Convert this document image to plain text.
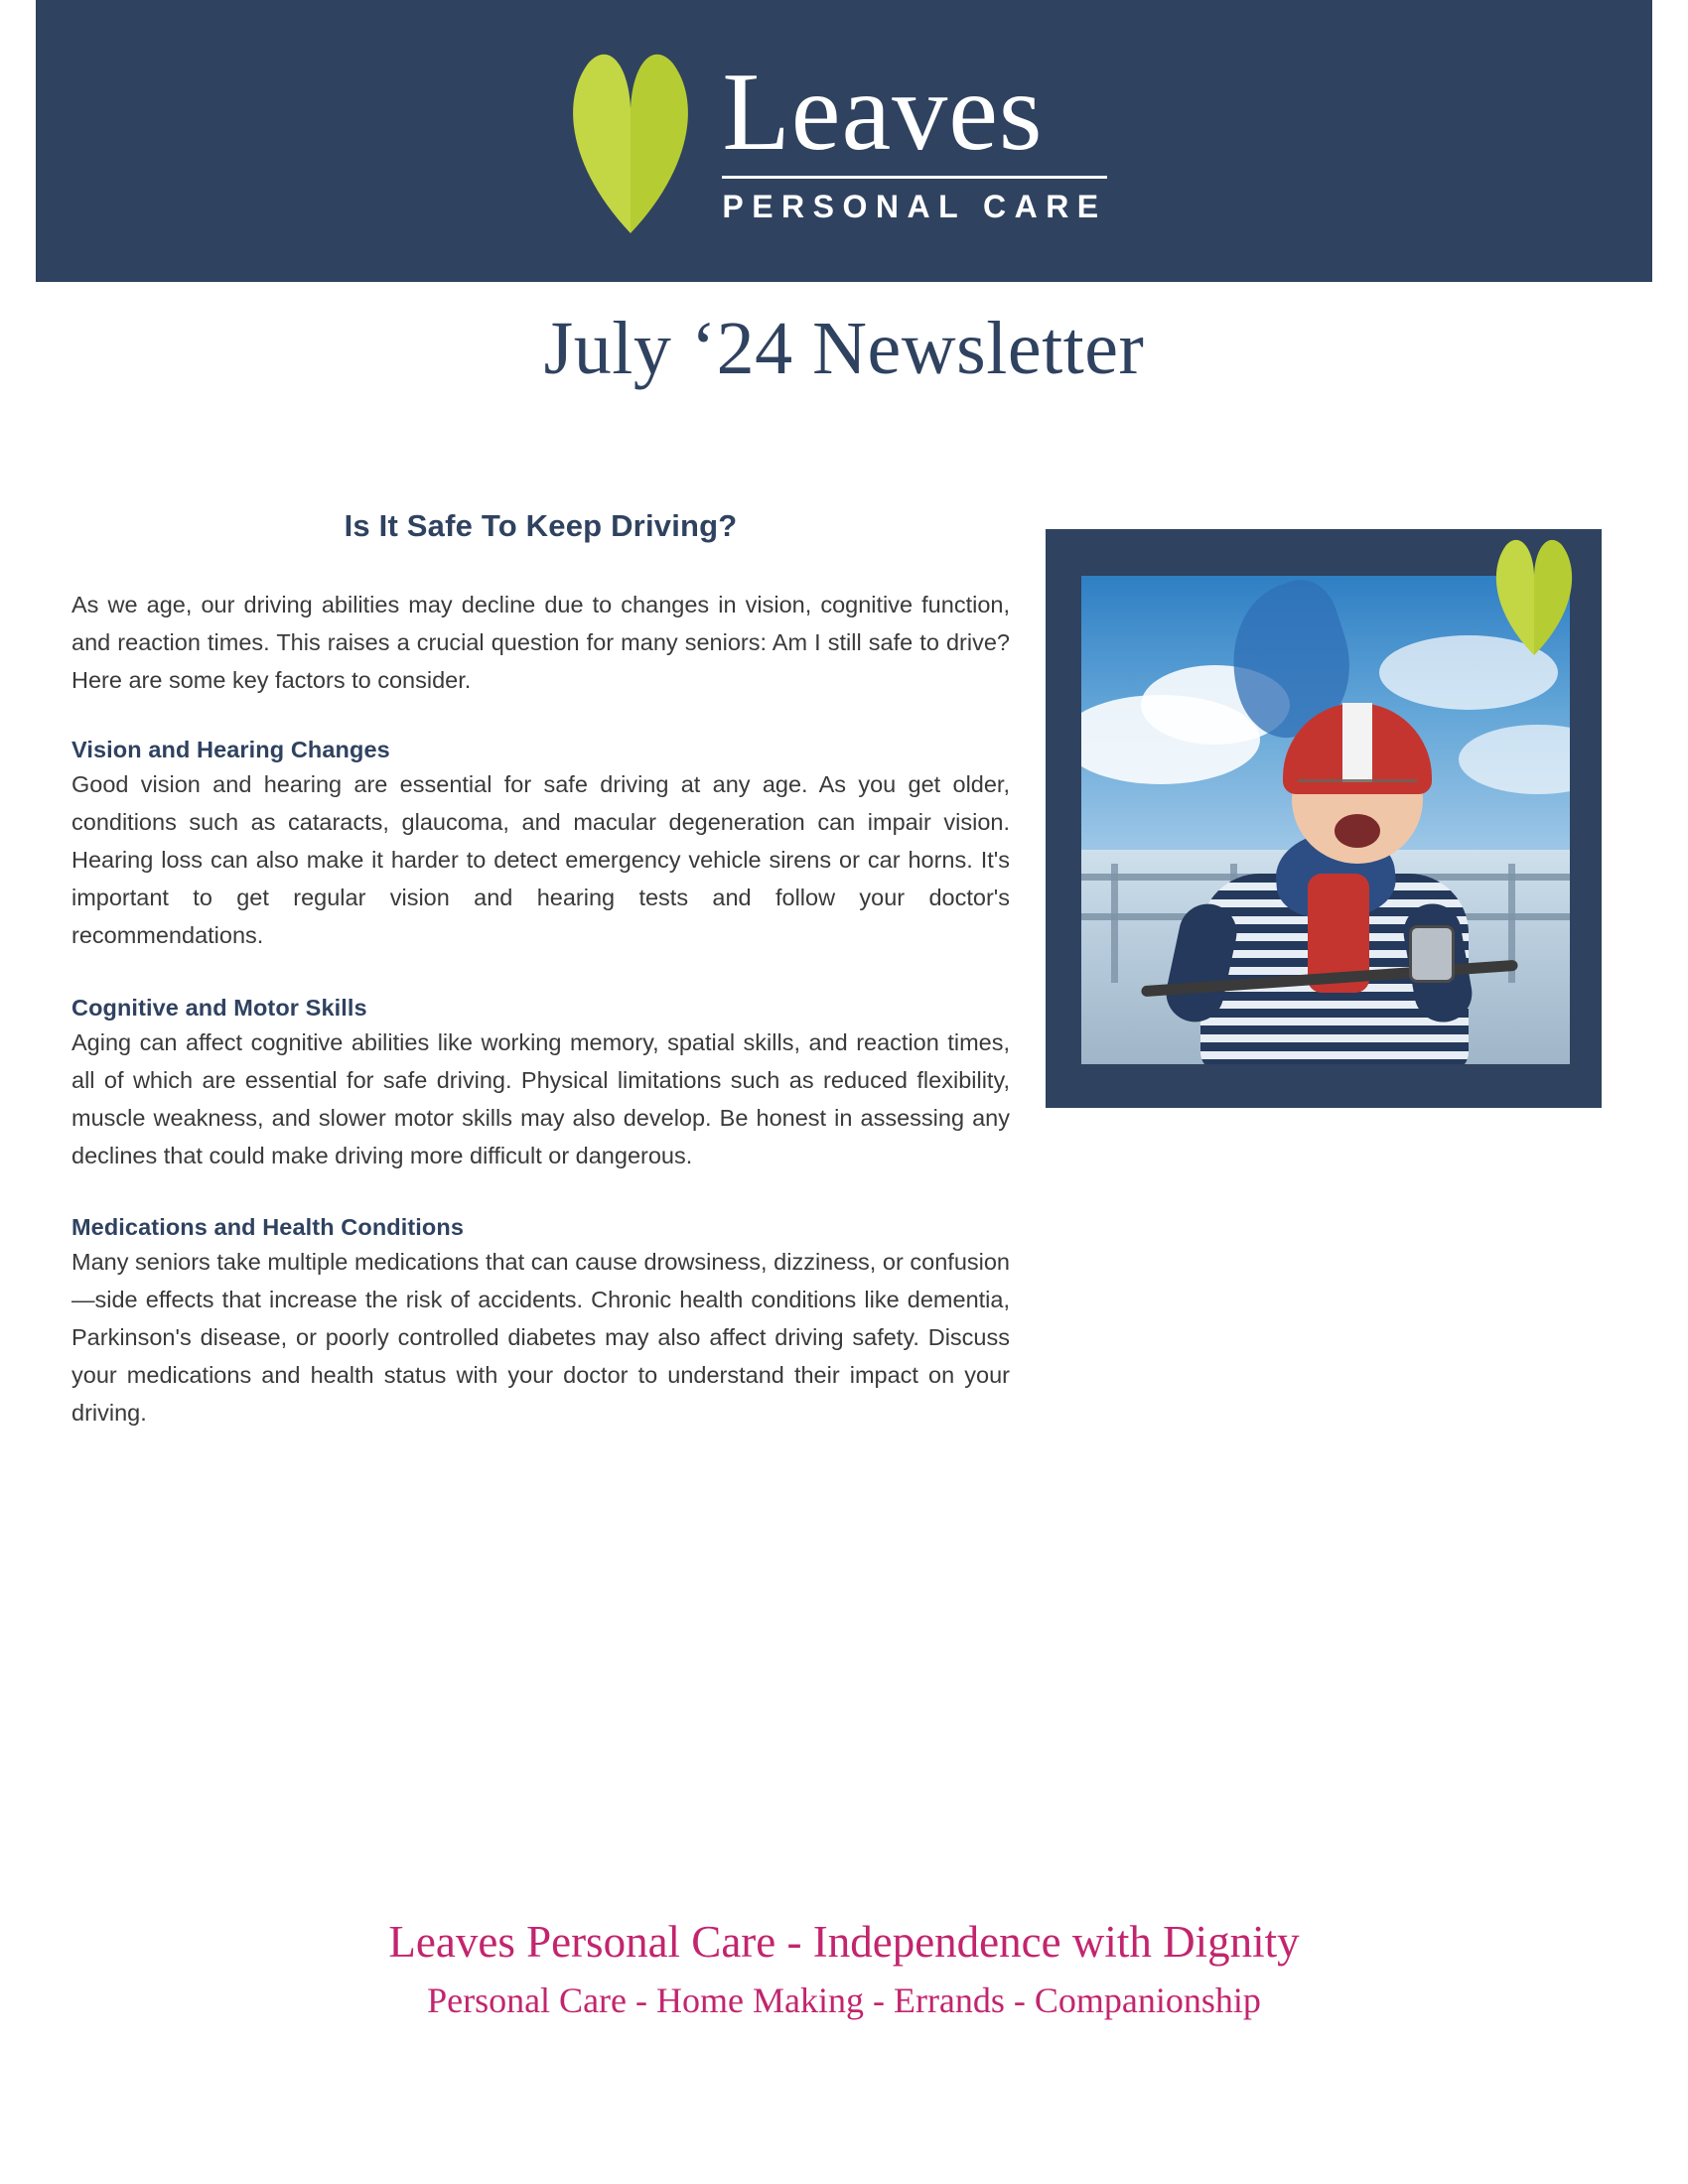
Leaves
PERSONAL CARE
July ‘24 Newsletter
Is It Safe To Keep Driving?

As we age, our driving abilities may decline due to changes in vision, cognitive function, and reaction times. This raises a crucial question for many seniors: Am I still safe to drive? Here are some key factors to consider.

Vision and Hearing Changes

Good vision and hearing are essential for safe driving at any age. As you get older, conditions such as cataracts, glaucoma, and macular degeneration can impair vision. Hearing loss can also make it harder to detect emergency vehicle sirens or car horns. It's important to get regular vision and hearing tests and follow your doctor's recommendations.

Cognitive and Motor Skills

Aging can affect cognitive abilities like working memory, spatial skills, and reaction times, all of which are essential for safe driving. Physical limitations such as reduced flexibility, muscle weakness, and slower motor skills may also develop. Be honest in assessing any declines that could make driving more difficult or dangerous.

Medications and Health Conditions

Many seniors take multiple medications that can cause drowsiness, dizziness, or confusion—side effects that increase the risk of accidents. Chronic health conditions like dementia, Parkinson's disease, or poorly controlled diabetes may also affect driving safety. Discuss your medications and health status with your doctor to understand their impact on your driving.

Leaves Personal Care - Independence with Dignity
Personal Care - Home Making - Errands - Companionship
